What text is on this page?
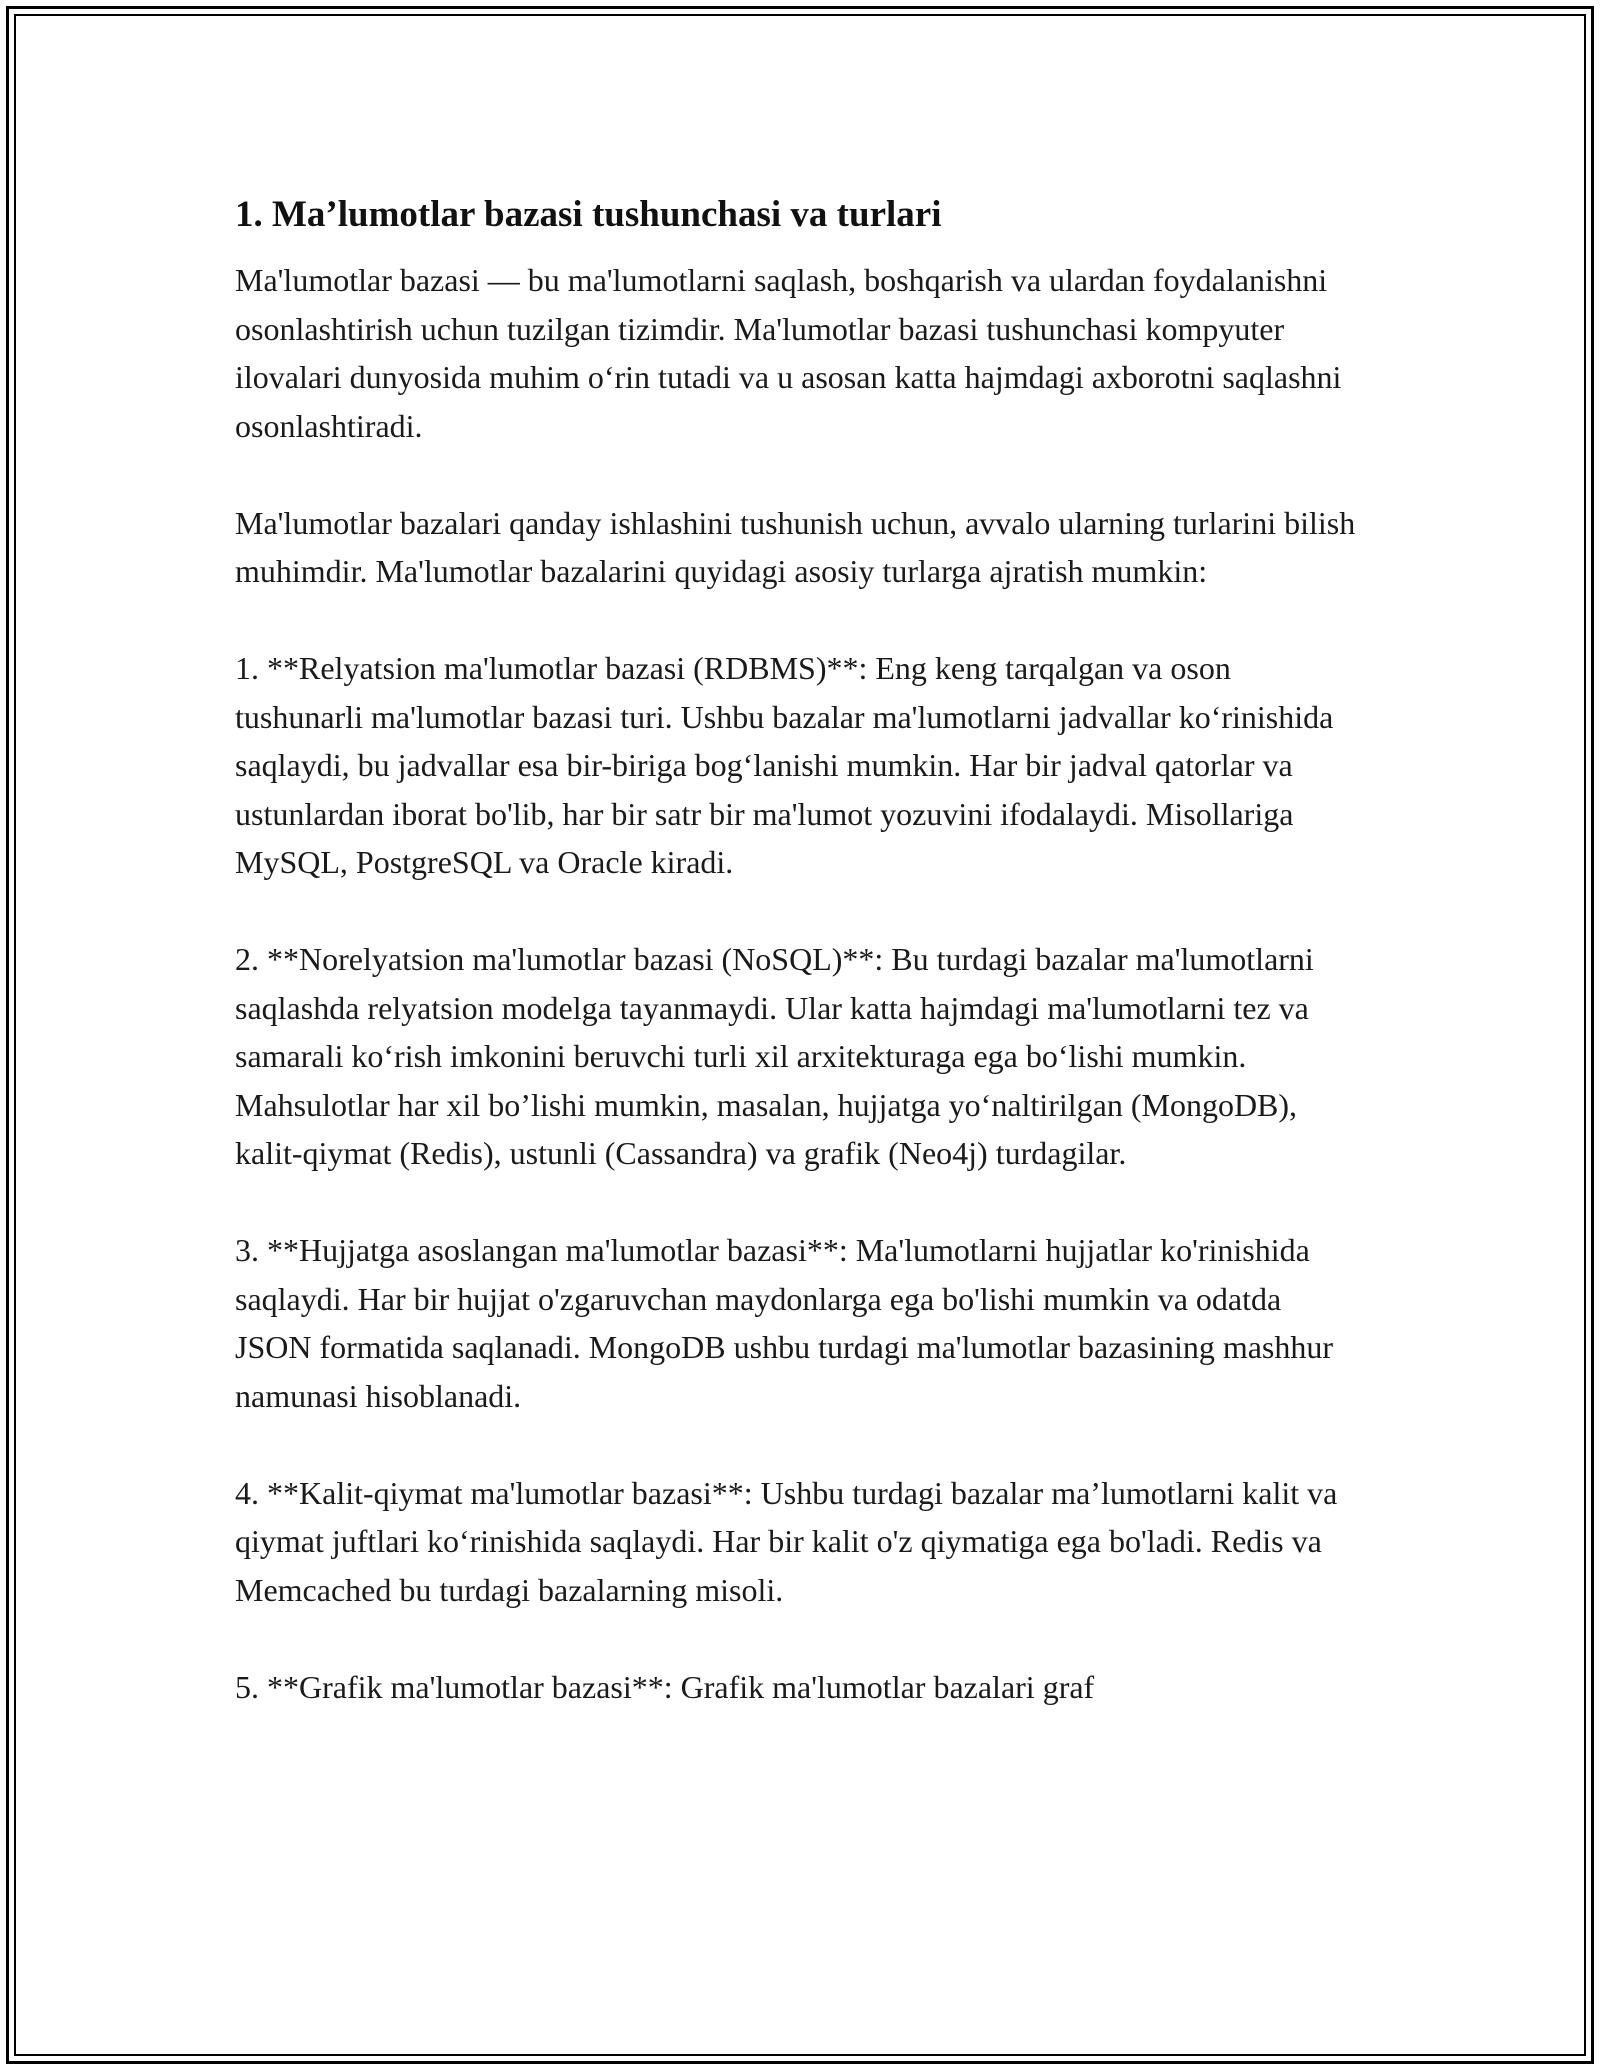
1. Ma’lumotlar bazasi tushunchasi va turlari

Ma'lumotlar bazasi — bu ma'lumotlarni saqlash, boshqarish va ulardan foydalanishni osonlashtirish uchun tuzilgan tizimdir. Ma'lumotlar bazasi tushunchasi kompyuter ilovalari dunyosida muhim o‘rin tutadi va u asosan katta hajmdagi axborotni saqlashni osonlashtiradi.

Ma'lumotlar bazalari qanday ishlashini tushunish uchun, avvalo ularning turlarini bilish muhimdir. Ma'lumotlar bazalarini quyidagi asosiy turlarga ajratish mumkin:

1. **Relyatsion ma'lumotlar bazasi (RDBMS)**: Eng keng tarqalgan va oson tushunarli ma'lumotlar bazasi turi. Ushbu bazalar ma'lumotlarni jadvallar ko‘rinishida saqlaydi, bu jadvallar esa bir-biriga bog‘lanishi mumkin. Har bir jadval qatorlar va ustunlardan iborat bo'lib, har bir satr bir ma'lumot yozuvini ifodalaydi. Misollariga MySQL, PostgreSQL va Oracle kiradi.

2. **Norelyatsion ma'lumotlar bazasi (NoSQL)**: Bu turdagi bazalar ma'lumotlarni saqlashda relyatsion modelga tayanmaydi. Ular katta hajmdagi ma'lumotlarni tez va samarali ko‘rish imkonini beruvchi turli xil arxitekturaga ega bo‘lishi mumkin. Mahsulotlar har xil bo’lishi mumkin, masalan, hujjatga yo‘naltirilgan (MongoDB), kalit-qiymat (Redis), ustunli (Cassandra) va grafik (Neo4j) turdagilar.

3. **Hujjatga asoslangan ma'lumotlar bazasi**: Ma'lumotlarni hujjatlar ko'rinishida saqlaydi. Har bir hujjat o'zgaruvchan maydonlarga ega bo'lishi mumkin va odatda JSON formatida saqlanadi. MongoDB ushbu turdagi ma'lumotlar bazasining mashhur namunasi hisoblanadi.

4. **Kalit-qiymat ma'lumotlar bazasi**: Ushbu turdagi bazalar ma’lumotlarni kalit va qiymat juftlari ko‘rinishida saqlaydi. Har bir kalit o'z qiymatiga ega bo'ladi. Redis va Memcached bu turdagi bazalarning misoli.

5. **Grafik ma'lumotlar bazasi**: Grafik ma'lumotlar bazalari graf
